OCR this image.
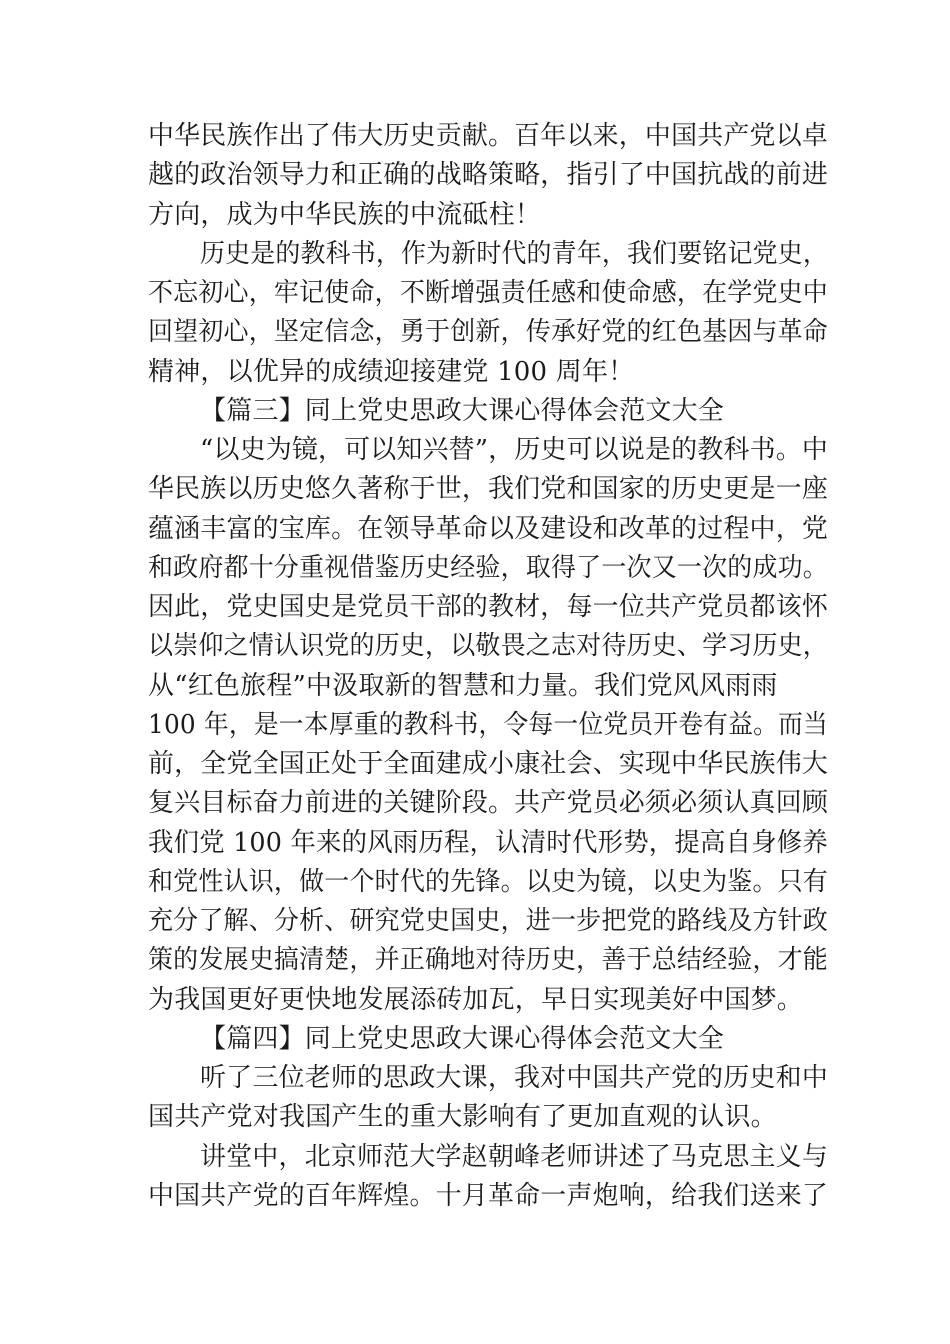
中华民族作出了伟大历史贡献。百年以来，中国共产党以卓
越的政治领导力和正确的战略策略，指引了中国抗战的前进
方向，成为中华民族的中流砥柱！
历史是的教科书，作为新时代的青年，我们要铭记党史，
不忘初心，牢记使命，不断增强责任感和使命感，在学党史中
回望初心，坚定信念，勇于创新，传承好党的红色基因与革命
精神，以优异的成绩迎接建党 100 周年！
【篇三】同上党史思政大课心得体会范文大全
“以史为镜，可以知兴替”，历史可以说是的教科书。中
华民族以历史悠久著称于世，我们党和国家的历史更是一座
蕴涵丰富的宝库。在领导革命以及建设和改革的过程中，党
和政府都十分重视借鉴历史经验，取得了一次又一次的成功。
因此，党史国史是党员干部的教材，每一位共产党员都该怀
以崇仰之情认识党的历史，以敬畏之志对待历史、学习历史，
从“红色旅程”中汲取新的智慧和力量。我们党风风雨雨
100 年，是一本厚重的教科书，令每一位党员开卷有益。而当
前，全党全国正处于全面建成小康社会、实现中华民族伟大
复兴目标奋力前进的关键阶段。共产党员必须必须认真回顾
我们党 100 年来的风雨历程，认清时代形势，提高自身修养
和党性认识，做一个时代的先锋。以史为镜，以史为鉴。只有
充分了解、分析、研究党史国史，进一步把党的路线及方针政
策的发展史搞清楚，并正确地对待历史，善于总结经验，才能
为我国更好更快地发展添砖加瓦，早日实现美好中国梦。
【篇四】同上党史思政大课心得体会范文大全
听了三位老师的思政大课，我对中国共产党的历史和中
国共产党对我国产生的重大影响有了更加直观的认识。
讲堂中，北京师范大学赵朝峰老师讲述了马克思主义与
中国共产党的百年辉煌。十月革命一声炮响，给我们送来了
